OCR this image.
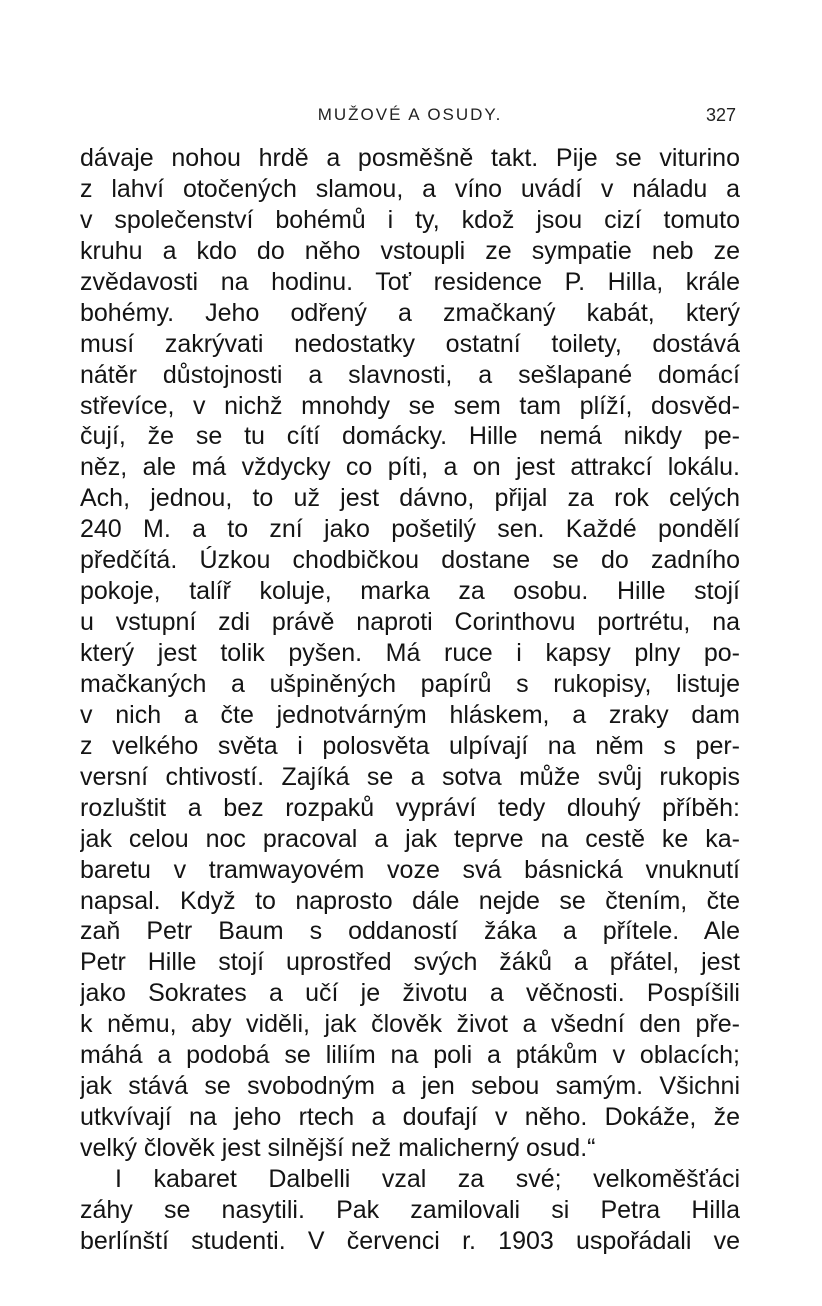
MUŽOVÉ A OSUDY.	327
dávaje nohou hrdě a posměšně takt. Pije se viturino
z lahví otočených slamou, a víno uvádí v náladu a
v společenství bohémů i ty, kdož jsou cizí tomuto
kruhu a kdo do něho vstoupli ze sympatie neb ze
zvědavosti na hodinu. Toť residence P. Hilla, krále
bohémy. Jeho odřený a zmačkaný kabát, který
musí zakrývati nedostatky ostatní toilety, dostává
nátěr důstojnosti a slavnosti, a sešlapané domácí
střevíce, v nichž mnohdy se sem tam plíží, dosvěd-
čují, že se tu cítí domácky. Hille nemá nikdy pe-
něz, ale má vždycky co píti, a on jest attrakcí lokálu.
Ach, jednou, to už jest dávno, přijal za rok celých
240 M. a to zní jako pošetilý sen. Každé pondělí
předčítá. Úzkou chodbičkou dostane se do zadního
pokoje, talíř koluje, marka za osobu. Hille stojí
u vstupní zdi právě naproti Corinthovu portrétu, na
který jest tolik pyšen. Má ruce i kapsy plny po-
mačkaných a ušpiněných papírů s rukopisy, listuje
v nich a čte jednotvárným hláskem, a zraky dam
z velkého světa i polosvěta ulpívají na něm s per-
versní chtivostí. Zajíká se a sotva může svůj rukopis
rozluštit a bez rozpaků vypráví tedy dlouhý příběh:
jak celou noc pracoval a jak teprve na cestě ke ka-
baretu v tramwayovém voze svá básnická vnuknutí
napsal. Když to naprosto dále nejde se čtením, čte
zaň Petr Baum s oddaností žáka a přítele. Ale
Petr Hille stojí uprostřed svých žáků a přátel, jest
jako Sokrates a učí je životu a věčnosti. Pospíšili
k němu, aby viděli, jak člověk život a všední den pře-
máhá a podobá se liliím na poli a ptákům v oblacích;
jak stává se svobodným a jen sebou samým. Všichni
utkvívají na jeho rtech a doufají v něho. Dokáže, že
velký člověk jest silnější než malicherný osud.“
I kabaret Dalbelli vzal za své; velkoměšťáci
záhy se nasytili. Pak zamilovali si Petra Hilla
berlínští studenti. V červenci r. 1903 uspořádali ve
